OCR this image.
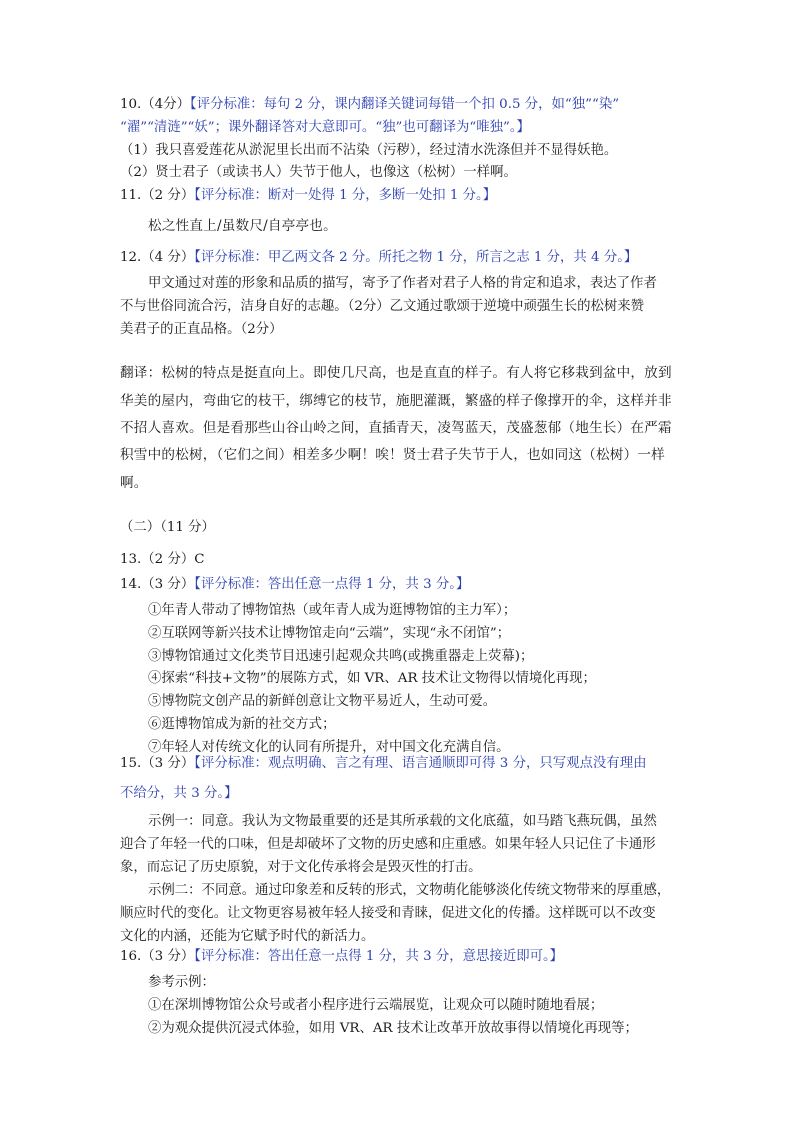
10.（4分）【评分标准：每句 2 分，课内翻译关键词每错一个扣 0.5 分，如“独”“染”
“濯”“清涟”“妖”；课外翻译答对大意即可。“独”也可翻译为“唯独”。】
（1）我只喜爱莲花从淤泥里长出而不沾染（污秽），经过清水洗涤但并不显得妖艳。
（2）贤士君子（或读书人）失节于他人，也像这（松树）一样啊。
11.（2 分）【评分标准：断对一处得 1 分，多断一处扣 1 分。】
松之性直上/虽数尺/自亭亭也。
12.（4 分）【评分标准：甲乙两文各 2 分。所托之物 1 分，所言之志 1 分，共 4 分。】
甲文通过对莲的形象和品质的描写，寄予了作者对君子人格的肯定和追求，表达了作者
不与世俗同流合污，洁身自好的志趣。（2分）乙文通过歌颂于逆境中顽强生长的松树来赞
美君子的正直品格。（2分）
翻译：松树的特点是挺直向上。即使几尺高，也是直直的样子。有人将它移栽到盆中，放到
华美的屋内，弯曲它的枝干，绑缚它的枝节，施肥灌溉，繁盛的样子像撑开的伞，这样并非
不招人喜欢。但是看那些山谷山岭之间，直插青天，凌驾蓝天，茂盛葱郁（地生长）在严霜
积雪中的松树，（它们之间）相差多少啊！唉！贤士君子失节于人，也如同这（松树）一样
啊。
（二）（11 分）
13.（2 分）C
14.（3 分）【评分标准：答出任意一点得 1 分，共 3 分。】
①年青人带动了博物馆热（或年青人成为逛博物馆的主力军）；
②互联网等新兴技术让博物馆走向“云端”，实现“永不闭馆”；
③博物馆通过文化类节目迅速引起观众共鸣(或携重器走上荧幕)；
④探索“科技+文物”的展陈方式，如 VR、AR 技术让文物得以情境化再现；
⑤博物院文创产品的新鲜创意让文物平易近人，生动可爱。
⑥逛博物馆成为新的社交方式；
⑦年轻人对传统文化的认同有所提升，对中国文化充满自信。
15.（3 分）【评分标准：观点明确、言之有理、语言通顺即可得 3 分，只写观点没有理由
不给分，共 3 分。】
示例一：同意。我认为文物最重要的还是其所承载的文化底蕴，如马踏飞燕玩偶，虽然
迎合了年轻一代的口味，但是却破坏了文物的历史感和庄重感。如果年轻人只记住了卡通形
象，而忘记了历史原貌，对于文化传承将会是毁灭性的打击。
示例二：不同意。通过印象差和反转的形式，文物萌化能够淡化传统文物带来的厚重感，
顺应时代的变化。让文物更容易被年轻人接受和青睐，促进文化的传播。这样既可以不改变
文化的内涵，还能为它赋予时代的新活力。
16.（3 分）【评分标准：答出任意一点得 1 分，共 3 分，意思接近即可。】
参考示例：
①在深圳博物馆公众号或者小程序进行云端展览，让观众可以随时随地看展；
②为观众提供沉浸式体验，如用 VR、AR 技术让改革开放故事得以情境化再现等；
